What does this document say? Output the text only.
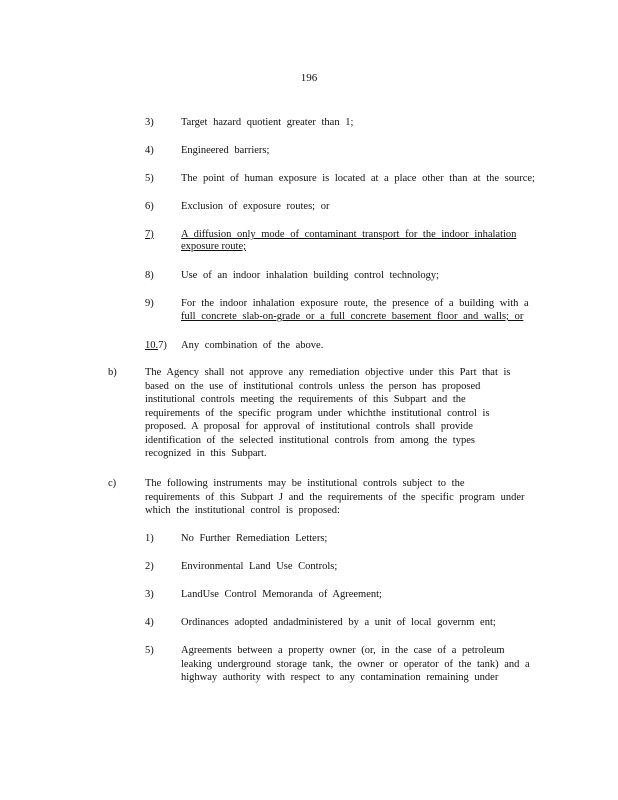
196
3)	Target hazard quotient greater than 1;
4)	Engineered barriers;
5)	The point of human exposure is located at a place other than at the source;
6)	Exclusion of exposure routes; or
7)	A diffusion only mode of contaminant transport for the indoor inhalation
exposure route;
8)	Use of an indoor inhalation building control technology;
9)	For the indoor inhalation exposure route, the presence of a building with a
full concrete slab-on-grade or a full concrete basement floor and walls; or
10.7)	Any combination of the above.
b)	The Agency shall not approve any remediation objective under this Part that is
based on the use of institutional controls unless the person has proposed
institutional controls meeting the requirements of this Subpart and the
requirements of the specific program under whichthe institutional control is
proposed. A proposal for approval of institutional controls shall provide
identification of the selected institutional controls from among the types
recognized in this Subpart.
c)	The following instruments may be institutional controls subject to the
requirements of this Subpart J and the requirements of the specific program under
which the institutional control is proposed:
1)	No Further Remediation Letters;
2)	Environmental Land Use Controls;
3)	LandUse Control Memoranda of Agreement;
4)	Ordinances adopted andadministered by a unit of local governm ent;
5)	Agreements between a property owner (or, in the case of a petroleum
leaking underground storage tank, the owner or operator of the tank) and a
highway authority with respect to any contamination remaining under
